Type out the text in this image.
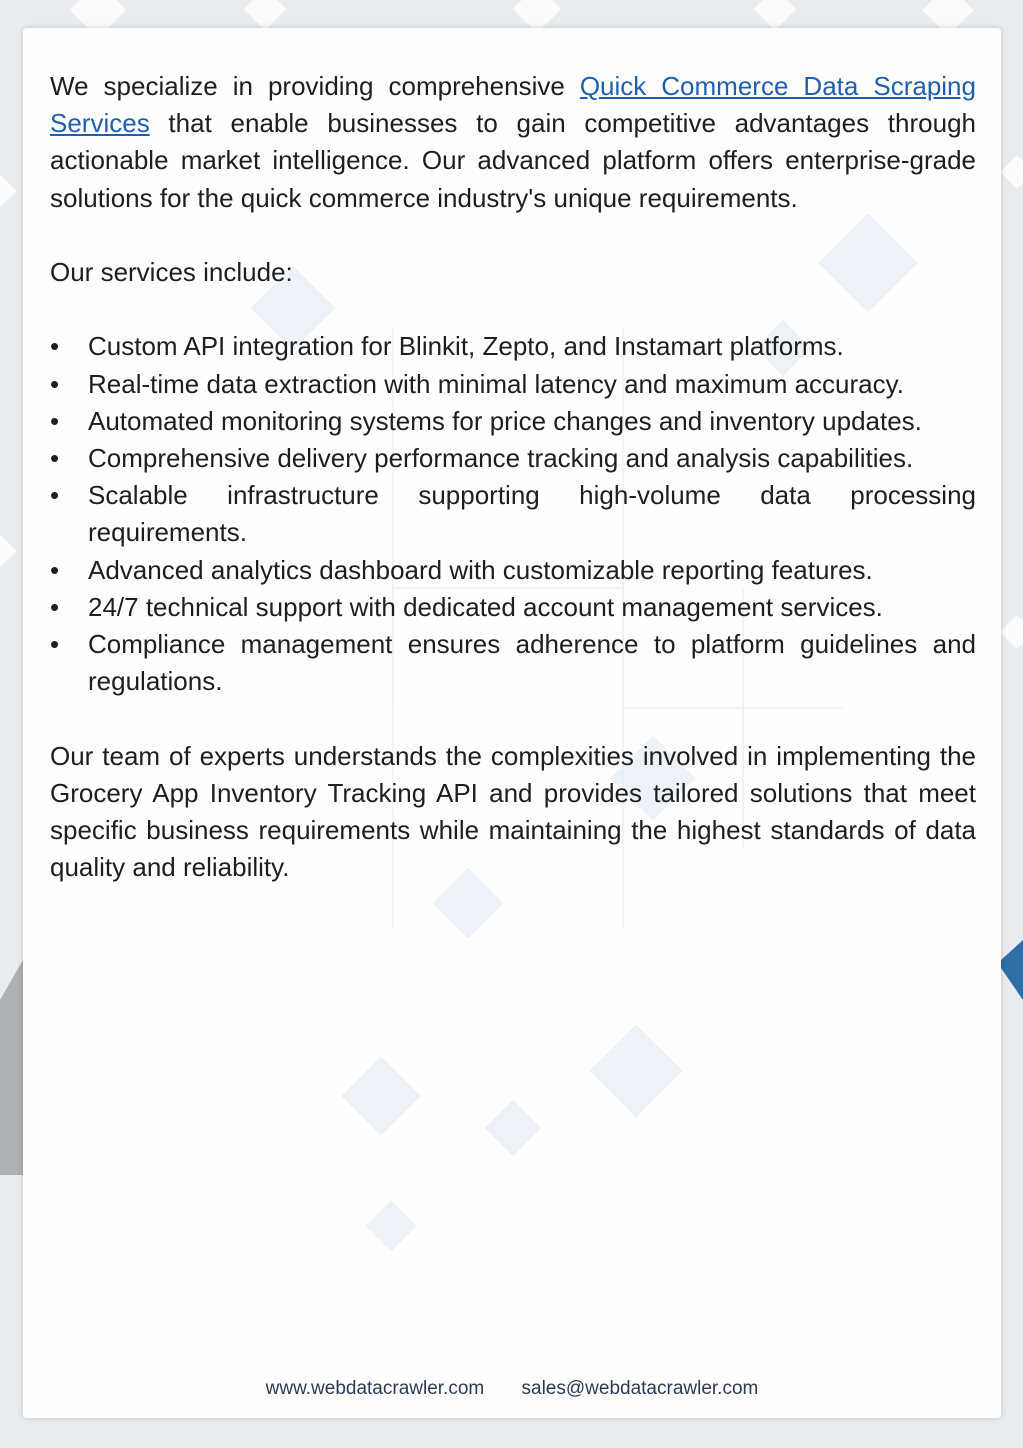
We specialize in providing comprehensive Quick Commerce Data Scraping Services that enable businesses to gain competitive advantages through actionable market intelligence. Our advanced platform offers enterprise-grade solutions for the quick commerce industry's unique requirements.

Our services include:

•	Custom API integration for Blinkit, Zepto, and Instamart platforms.
•	Real-time data extraction with minimal latency and maximum accuracy.
•	Automated monitoring systems for price changes and inventory updates.
•	Comprehensive delivery performance tracking and analysis capabilities.
•	Scalable infrastructure supporting high-volume data processing requirements.
•	Advanced analytics dashboard with customizable reporting features.
•	24/7 technical support with dedicated account management services.
•	Compliance management ensures adherence to platform guidelines and regulations.

Our team of experts understands the complexities involved in implementing the Grocery App Inventory Tracking API and provides tailored solutions that meet specific business requirements while maintaining the highest standards of data quality and reliability.

www.webdatacrawler.com sales@webdatacrawler.com
